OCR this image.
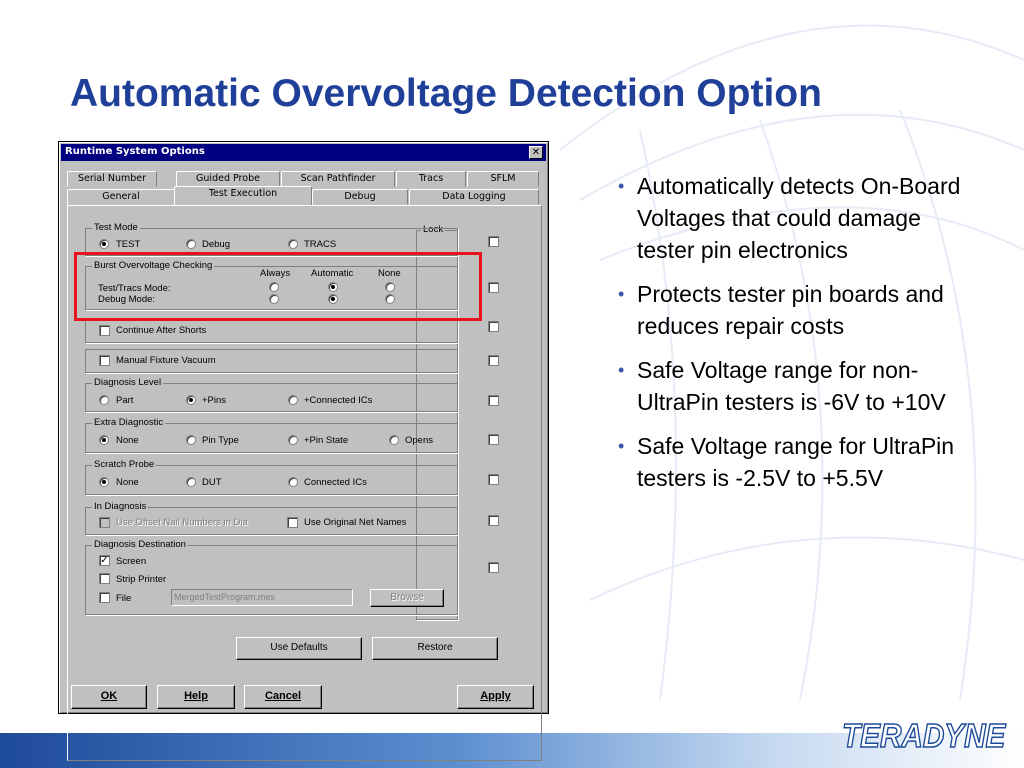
Automatic Overvoltage Detection Option
• Automatically detects On-Board Voltages that could damage tester pin electronics
• Protects tester pin boards and reduces repair costs
• Safe Voltage range for non-UltraPin testers is -6V to +10V
• Safe Voltage range for UltraPin testers is -2.5V to +5.5V
TERADYNE
Runtime System Options	✕
Serial Number	Guided Probe	Scan Pathfinder	Tracs	SFLM
General	Test Execution	Debug	Data Logging
Lock
Test Mode
TEST	Debug	TRACS
Burst Overvoltage Checking
Always Automatic	None
Test/Tracs Mode:
Debug Mode:
Continue After Shorts
Manual Fixture Vacuum
Diagnosis Level
Part	+Pins	+Connected ICs
Extra Diagnostic
None	Pin Type	+Pin State	Opens
Scratch Probe
None	DUT	Connected ICs
In Diagnosis
Use Offset Nail Numbers in Dia	Use Original Net Names
Diagnosis Destination
✓ Screen
Strip Printer
File	MergedTestProgram.mes	Browse
Use Defaults	Restore
OK	Help	Cancel	Apply
